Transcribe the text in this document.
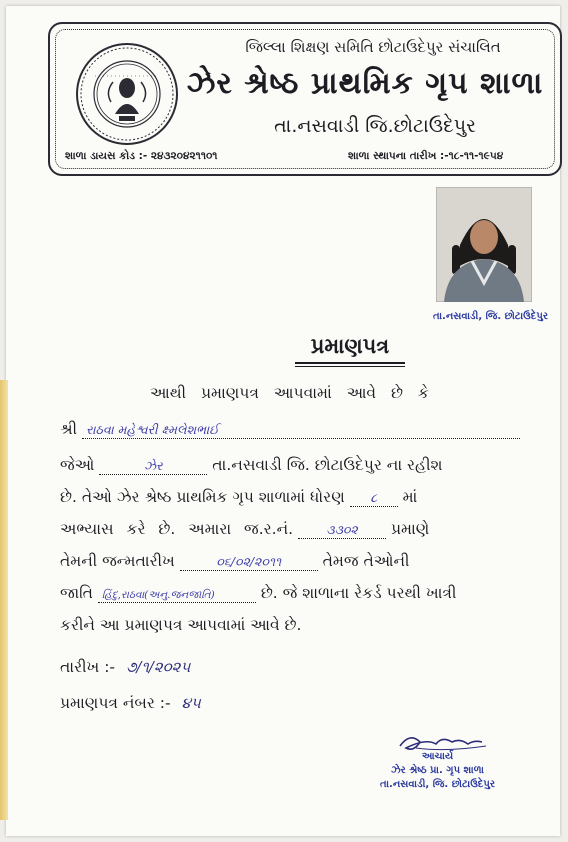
જિલ્લા શિક્ષણ સમિતિ છોટાઉદેપુર સંચાલિત
ઝેર શ્રેષ્ઠ પ્રાથમિક ગૃપ શાળા
તા.નસવાડી જિ.છોટાઉદેપુર
શાળા ડાયસ કોડ :- ૨૪૩૨૦૪૨૧૧૦૧	શાળા સ્થાપના તારીખ :-૧૮-૧૧-૧૯૫૪
તા.નસવાડી, જિ. છોટાઉદેપુર
પ્રમાણપત્ર
આથી પ્રમાણપત્ર આપવામાં આવે છે કે
શ્રી રાઠવા મહેશ્વરી ક્ષ્મલેશભાઈ
જેઓ	ઝેર	તા.નસવાડી જિ. છોટાઉદેપુર ના રહીશ
છે. તેઓ ઝેર શ્રેષ્ઠ પ્રાથમિક ગૃપ શાળામાં ધોરણ ૮ માં
અભ્યાસ કરે છે. અમારા જ.ર.નં.	૩૩૦૨ પ્રમાણે
તેમની જન્મતારીખ	૦૬/૦૨/૨૦૧૧	તેમજ તેઓની
જાતિ હિંદુ,રાઠવા(અનુ.જનજાતિ)	છે. જે શાળાના રેકર્ડ પરથી ખાત્રી
કરીને આ પ્રમાણપત્ર આપવામાં આવે છે.
તારીખ :- ૭/૧/૨૦૨૫
પ્રમાણપત્ર નંબર :- ૪૫
આચાર્ય
ઝેર શ્રેષ્ઠ પ્રા. ગૃપ શાળા
તા.નસવાડી, જિ. છોટાઉદેપુર
